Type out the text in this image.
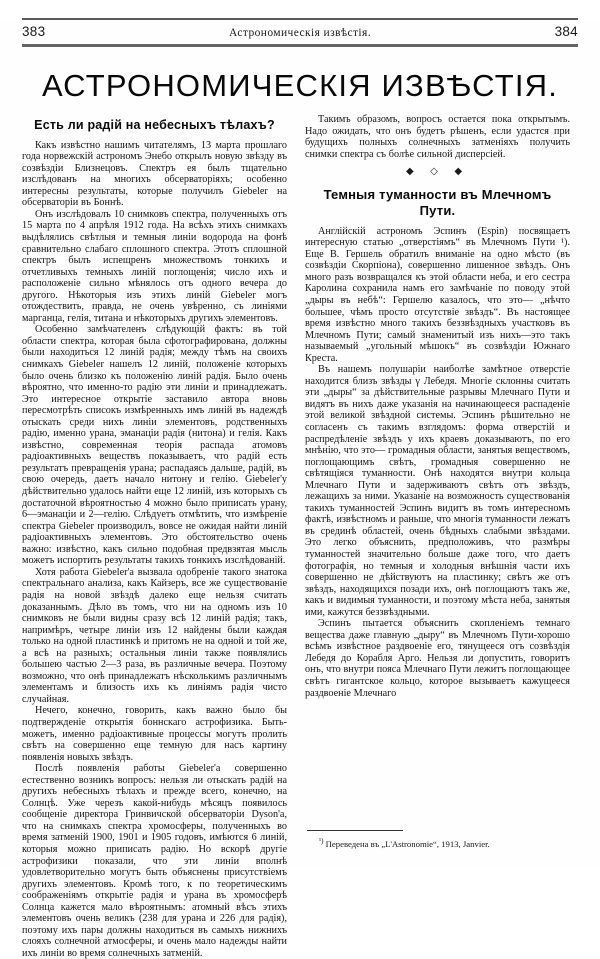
383	Астрономическія извѣстія.	384
АСТРОНОМИЧЕСКІЯ ИЗВѢСТІЯ.
Есть ли радій на небесныхъ тѣлахъ?

Какъ извѣстно нашимъ читателямъ, 13 марта прошлаго года норвежскій астрономъ Энебо открылъ новую звѣзду въ созвѣздіи Близнецовъ. Спектръ ея былъ тщательно изслѣдованъ на многихъ обсерваторіяхъ; особенно интересны результаты, которые получилъ Giebeler на обсерваторіи въ Боннѣ.

Онъ изслѣдовалъ 10 снимковъ спектра, полученныхъ отъ 15 марта по 4 апрѣля 1912 года. На всѣхъ этихъ снимкахъ выдѣлялись свѣтлыя и темныя линіи водорода на фонѣ сравнительно слабаго сплошного спектра. Этотъ сплошной спектръ былъ испещренъ множествомъ тонкихъ и отчетливыхъ темныхъ линій поглощенія; число ихъ и расположеніе сильно мѣнялось отъ одного вечера до другого. Нѣкоторыя изъ этихъ линій Giebeler могъ отождествить, правда, не очень увѣренно, съ линіями марганца, гелія, титана и нѣкоторыхъ другихъ элементовъ.

Особенно замѣчателенъ слѣдующій фактъ: въ той области спектра, которая была сфотографирована, должны были находиться 12 линій радія; между тѣмъ на своихъ снимкахъ Giebeler нашелъ 12 линій, положеніе которыхъ было очень близко къ положенію линій радія. Было очень вѣроятно, что именно-то радію эти линіи и принадлежатъ. Это интересное открытіе заставило автора вновь пересмотрѣть списокъ измѣренныхъ имъ линій въ надеждѣ отыскать среди нихъ линіи элементовъ, родственныхъ радію, именно урана, эманаціи радія (нитона) и гелія. Какъ извѣстно, современная теорія распада атомовъ радіоактивныхъ веществъ показываетъ, что радій есть результатъ превращенія урана; распадаясь дальше, радій, въ свою очередь, даетъ начало нитону и гелію. Giebeler'у дѣйствительно удалось найти еще 12 линій, изъ которыхъ съ достаточной вѣроятностью 4 можно было приписать урану, 6—эманаціи и 2—гелію. Слѣдуетъ отмѣтить, что измѣреніе спектра Giebeler производилъ, вовсе не ожидая найти линій радіоактивныхъ элементовъ. Это обстоятельство очень важно: извѣстно, какъ сильно подобная предвзятая мысль можетъ испортить результаты такихъ тонкихъ изслѣдованій.

Хотя работа Giebeler'а вызвала одобреніе такого знатока спектральнаго анализа, какъ Кайзеръ, все же существованіе радія на новой звѣздѣ далеко еще нельзя считать доказаннымъ. Дѣло въ томъ, что ни на одномъ изъ 10 снимковъ не были видны сразу всѣ 12 линій радія; такъ, напримѣръ, четыре линіи изъ 12 найдены были каждая только на одной пластинкѣ и притомъ не на одной и той же, а всѣ на разныхъ; остальныя линіи также появлялись большею частью 2—3 раза, въ различные вечера. Поэтому возможно, что онѣ принадлежатъ нѣсколькимъ различнымъ элементамъ и близость ихъ къ линіямъ радія чисто случайная.

Нечего, конечно, говорить, какъ важно было бы подтвержденіе открытія боннскаго астрофизика. Быть-можетъ, именно радіоактивные процессы могутъ пролить свѣтъ на совершенно еще темную для насъ картину появленія новыхъ звѣздъ.

Послѣ появленія работы Giebeler'а совершенно естественно возникъ вопросъ: нельзя ли отыскать радій на другихъ небесныхъ тѣлахъ и прежде всего, конечно, на Солнцѣ. Уже черезъ какой-нибудь мѣсяцъ появилось сообщеніе директора Гринвичской обсерваторіи Dyson'а, что на снимкахъ спектра хромосферы, полученныхъ во время затменій 1900, 1901 и 1905 годовъ, имѣются 6 линій, которыя можно приписать радію. Но вскорѣ другіе астрофизики показали, что эти линіи вполнѣ удовлетворительно могутъ быть объяснены присутствіемъ другихъ элементовъ. Кромѣ того, к по теоретическимъ соображеніямъ открытіе радія и урана въ хромосферѣ Солнца кажется мало вѣроятнымъ: атомный вѣсъ этихъ элементовъ очень великъ (238 для урана и 226 для радія), поэтому ихъ пары должны находиться въ самыхъ нижнихъ слояхъ солнечной атмосферы, и очень мало надежды найти ихъ линіи во время солнечныхъ затменій.

Такимъ образомъ, вопросъ остается пока открытымъ. Надо ожидать, что онъ будетъ рѣшенъ, если удастся при будущихъ полныхъ солнечныхъ затменіяхъ получить снимки спектра съ болѣе сильной дисперсіей.

◆ ◇ ◆
Темныя туманности въ Млечномъ Пути.

Англійскій астрономъ Эспинъ (Espin) посвящаетъ интересную статью „отверстіямъ“ въ Млечномъ Пути ¹). Еще В. Гершель обратилъ вниманіе на одно мѣсто (въ созвѣздіи Скорпіона), совершенно лишенное звѣздъ. Онъ много разъ возвращался къ этой области неба, и его сестра Каролина сохранила намъ его замѣчаніе по поводу этой „дыры въ небѣ“: Гершелю казалось, что это— „нѣчто большее, чѣмъ просто отсутствіе звѣздъ“. Въ настоящее время извѣстно много такихъ беззвѣздныхъ участковъ въ Млечномъ Пути; самый знаменитый изъ нихъ—это такъ называемый „угольный мѣшокъ“ въ созвѣздіи Южнаго Креста.

Въ нашемъ полушаріи наиболѣе замѣтное отверстіе находится близъ звѣзды γ Лебедя. Многіе склонны считать эти „дыры“ за дѣйствительные разрывы Млечнаго Пути и видятъ въ нихъ даже указанія на начинающееся распаденіе этой великой звѣздной системы. Эспинъ рѣшительно не согласенъ съ такимъ взглядомъ: форма отверстій и распредѣленіе звѣздъ у ихъ краевъ доказываютъ, по его мнѣнію, что это— громадныя области, занятыя веществомъ, поглощающимъ свѣтъ, громадныя совершенно не свѣтящіяся туманности. Онѣ находятся внутри кольца Млечнаго Пути и задерживаютъ свѣтъ отъ звѣздъ, лежащихъ за ними. Указаніе на возможность существованія такихъ туманностей Эспинъ видитъ въ томъ интересномъ фактѣ, извѣстномъ и раньше, что многія туманности лежатъ въ срединѣ областей, очень бѣдныхъ слабыми звѣздами. Это легко объяснить, предположивъ, что размѣры туманностей значительно больше даже того, что даетъ фотографія, но темныя и холодныя внѣшнія части ихъ совершенно не дѣйствуютъ на пластинку; свѣтъ же отъ звѣздъ, находящихся позади ихъ, онѣ поглощаютъ такъ же, какъ и видимыя туманности, и поэтому мѣста неба, занятыя ими, кажутся беззвѣздными.

Эспинъ пытается объяснить скопленіемъ темнаго вещества даже главную „дыру“ въ Млечномъ Пути-хорошо всѣмъ извѣстное раздвоеніе его, тянущееся отъ созвѣздія Лебедя до Корабля Арго. Нельзя ли допустить, говоритъ онъ, что внутри пояса Млечнаго Пути лежитъ поглощающее свѣтъ гигантское кольцо, которое вызываетъ кажущееся раздвоеніе Млечнаго

$^{^1)}$ Переведена въ „L'Astronomie“, 1913, Janvier.
